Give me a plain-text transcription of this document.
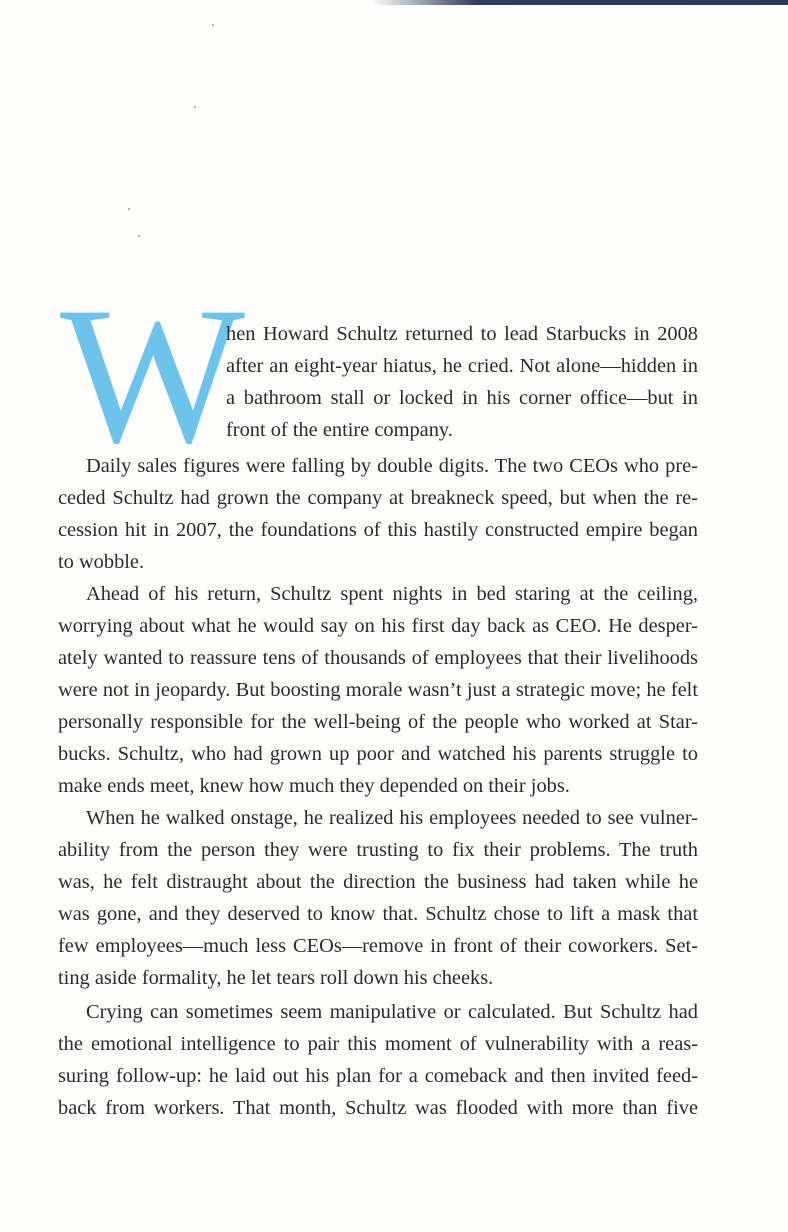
W
hen Howard Schultz returned to lead Starbucks in 2008
after an eight-year hiatus, he cried. Not alone—hidden in
a bathroom stall or locked in his corner office—but in
front of the entire company.
Daily sales figures were falling by double digits. The two CEOs who pre-
ceded Schultz had grown the company at breakneck speed, but when the re-
cession hit in 2007, the foundations of this hastily constructed empire began
to wobble.
Ahead of his return, Schultz spent nights in bed staring at the ceiling,
worrying about what he would say on his first day back as CEO. He desper-
ately wanted to reassure tens of thousands of employees that their livelihoods
were not in jeopardy. But boosting morale wasn’t just a strategic move; he felt
personally responsible for the well-being of the people who worked at Star-
bucks. Schultz, who had grown up poor and watched his parents struggle to
make ends meet, knew how much they depended on their jobs.
When he walked onstage, he realized his employees needed to see vulner-
ability from the person they were trusting to fix their problems. The truth
was, he felt distraught about the direction the business had taken while he
was gone, and they deserved to know that. Schultz chose to lift a mask that
few employees—much less CEOs—remove in front of their coworkers. Set-
ting aside formality, he let tears roll down his cheeks.
Crying can sometimes seem manipulative or calculated. But Schultz had
the emotional intelligence to pair this moment of vulnerability with a reas-
suring follow-up: he laid out his plan for a comeback and then invited feed-
back from workers. That month, Schultz was flooded with more than five
